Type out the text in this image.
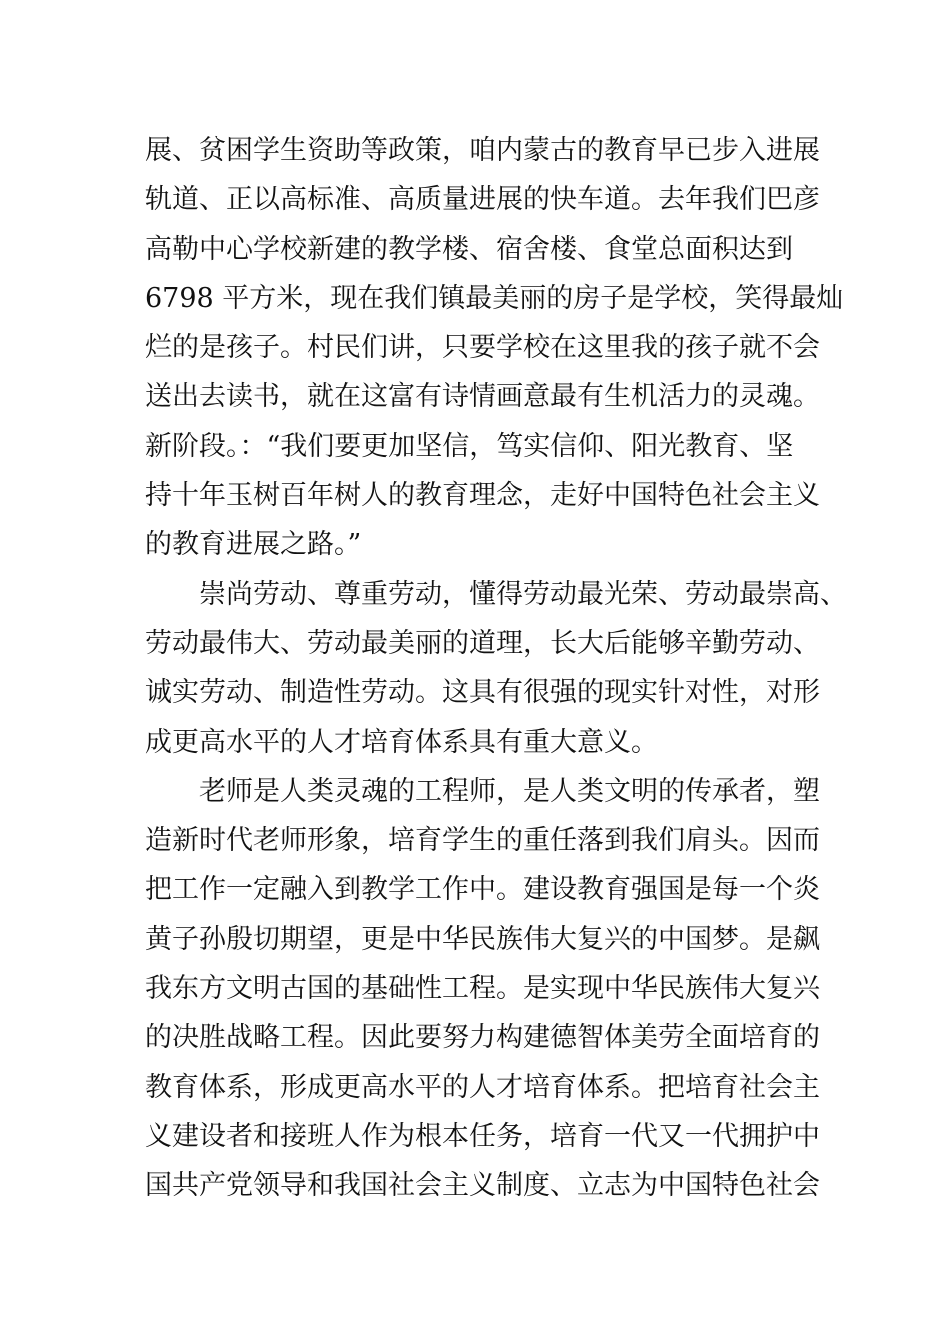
展、贫困学生资助等政策，咱内蒙古的教育早已步入进展
轨道、正以高标准、高质量进展的快车道。去年我们巴彦
高勒中心学校新建的教学楼、宿舍楼、食堂总面积达到
6798 平方米，现在我们镇最美丽的房子是学校，笑得最灿
烂的是孩子。村民们讲，只要学校在这里我的孩子就不会
送出去读书，就在这富有诗情画意最有生机活力的灵魂。
新阶段。：“我们要更加坚信，笃实信仰、阳光教育、坚
持十年玉树百年树人的教育理念，走好中国特色社会主义
的教育进展之路。”
崇尚劳动、尊重劳动，懂得劳动最光荣、劳动最崇高、
劳动最伟大、劳动最美丽的道理，长大后能够辛勤劳动、
诚实劳动、制造性劳动。这具有很强的现实针对性，对形
成更高水平的人才培育体系具有重大意义。
老师是人类灵魂的工程师，是人类文明的传承者，塑
造新时代老师形象，培育学生的重任落到我们肩头。因而
把工作一定融入到教学工作中。建设教育强国是每一个炎
黄子孙殷切期望，更是中华民族伟大复兴的中国梦。是飙
我东方文明古国的基础性工程。是实现中华民族伟大复兴
的决胜战略工程。因此要努力构建德智体美劳全面培育的
教育体系，形成更高水平的人才培育体系。把培育社会主
义建设者和接班人作为根本任务，培育一代又一代拥护中
国共产党领导和我国社会主义制度、立志为中国特色社会
